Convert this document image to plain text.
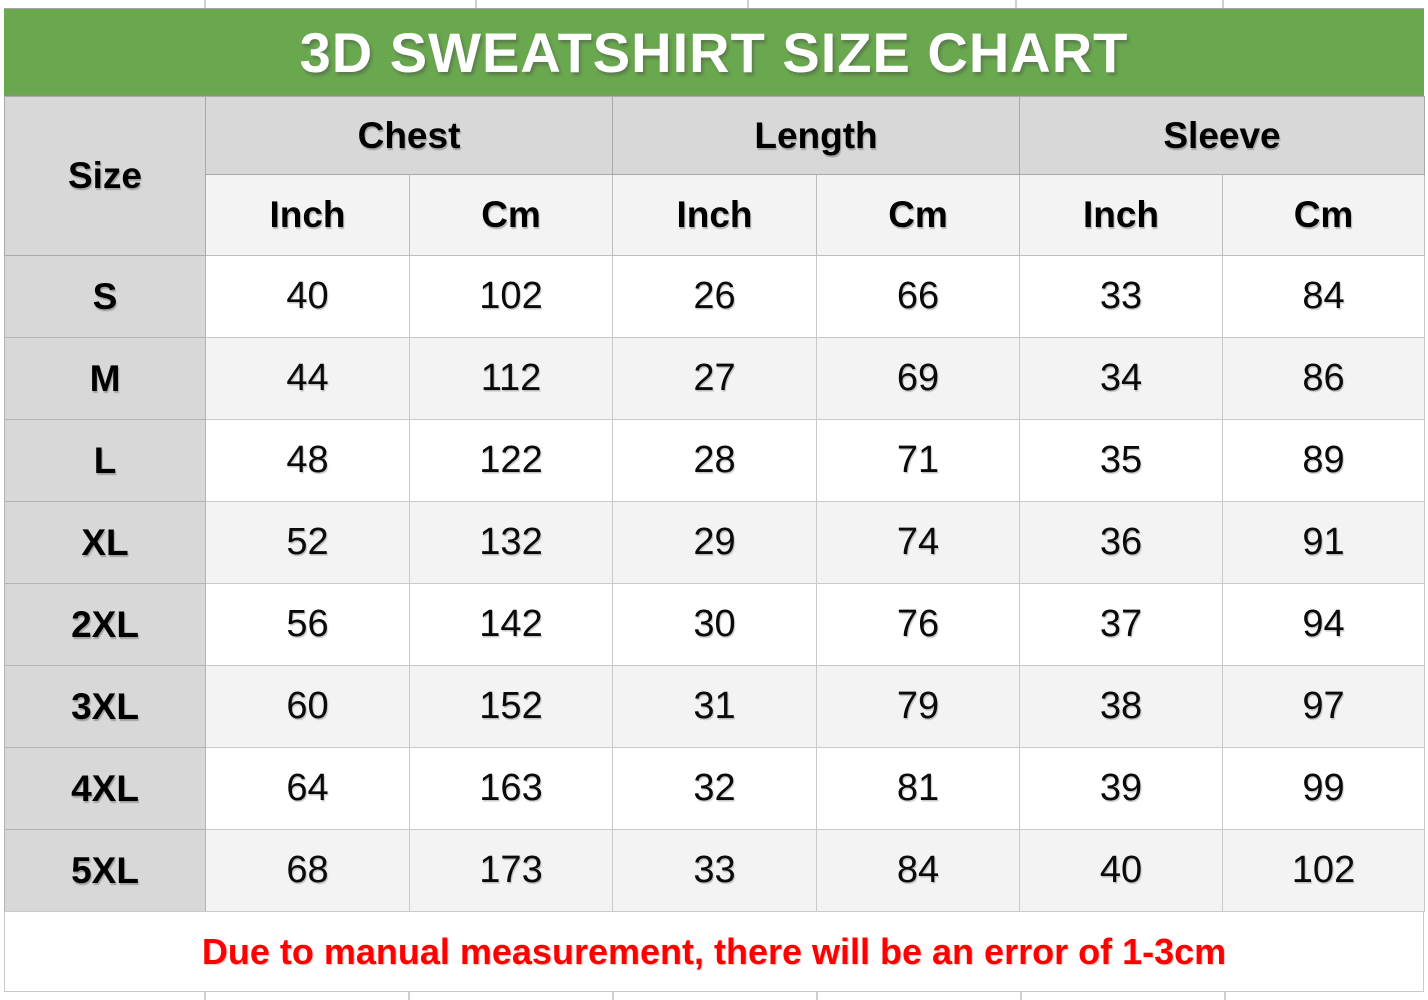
3D SWEATSHIRT SIZE CHART
Size	Chest		Length		Sleeve	
	Inch	Cm	Inch	Cm	Inch	Cm
S	40	102	26	66	33	84
M	44	112	27	69	34	86
L	48	122	28	71	35	89
XL	52	132	29	74	36	91
2XL	56	142	30	76	37	94
3XL	60	152	31	79	38	97
4XL	64	163	32	81	39	99
5XL	68	173	33	84	40	102
Due to manual measurement, there will be an error of 1-3cm
